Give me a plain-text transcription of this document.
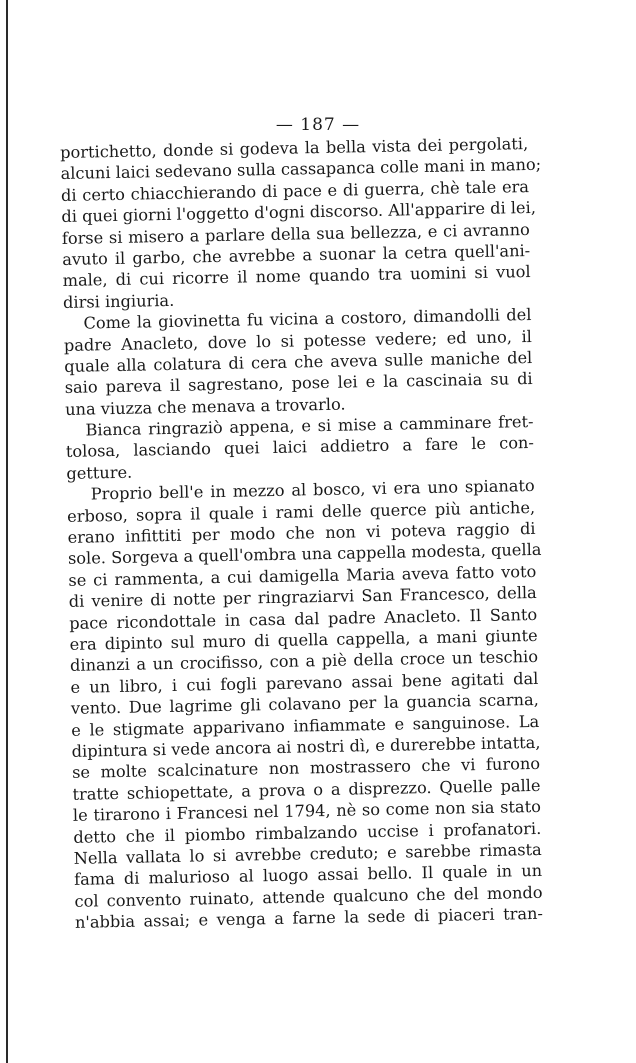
— 187 —
portichetto, donde si godeva la bella vista dei pergolati,
alcuni laici sedevano sulla cassapanca colle mani in mano;
di certo chiacchierando di pace e di guerra, chè tale era
di quei giorni l'oggetto d'ogni discorso. All'apparire di lei,
forse si misero a parlare della sua bellezza, e ci avranno
avuto il garbo, che avrebbe a suonar la cetra quell'ani-
male, di cui ricorre il nome quando tra uomini si vuol
dirsi ingiuria.
Come la giovinetta fu vicina a costoro, dimandolli del
padre Anacleto, dove lo si potesse vedere; ed uno, il
quale alla colatura di cera che aveva sulle maniche del
saio pareva il sagrestano, pose lei e la cascinaia su di
una viuzza che menava a trovarlo.
Bianca ringraziò appena, e si mise a camminare fret-
tolosa, lasciando quei laici addietro a fare le con-
getture.
Proprio bell'e in mezzo al bosco, vi era uno spianato
erboso, sopra il quale i rami delle querce più antiche,
erano infittiti per modo che non vi poteva raggio di
sole. Sorgeva a quell'ombra una cappella modesta, quella
se ci rammenta, a cui damigella Maria aveva fatto voto
di venire di notte per ringraziarvi San Francesco, della
pace ricondottale in casa dal padre Anacleto. Il Santo
era dipinto sul muro di quella cappella, a mani giunte
dinanzi a un crocifisso, con a piè della croce un teschio
e un libro, i cui fogli parevano assai bene agitati dal
vento. Due lagrime gli colavano per la guancia scarna,
e le stigmate apparivano infiammate e sanguinose. La
dipintura si vede ancora ai nostri dì, e durerebbe intatta,
se molte scalcinature non mostrassero che vi furono
tratte schiopettate, a prova o a disprezzo. Quelle palle
le tirarono i Francesi nel 1794, nè so come non sia stato
detto che il piombo rimbalzando uccise i profanatori.
Nella vallata lo si avrebbe creduto; e sarebbe rimasta
fama di malurioso al luogo assai bello. Il quale in un
col convento ruinato, attende qualcuno che del mondo
n'abbia assai; e venga a farne la sede di piaceri tran-
